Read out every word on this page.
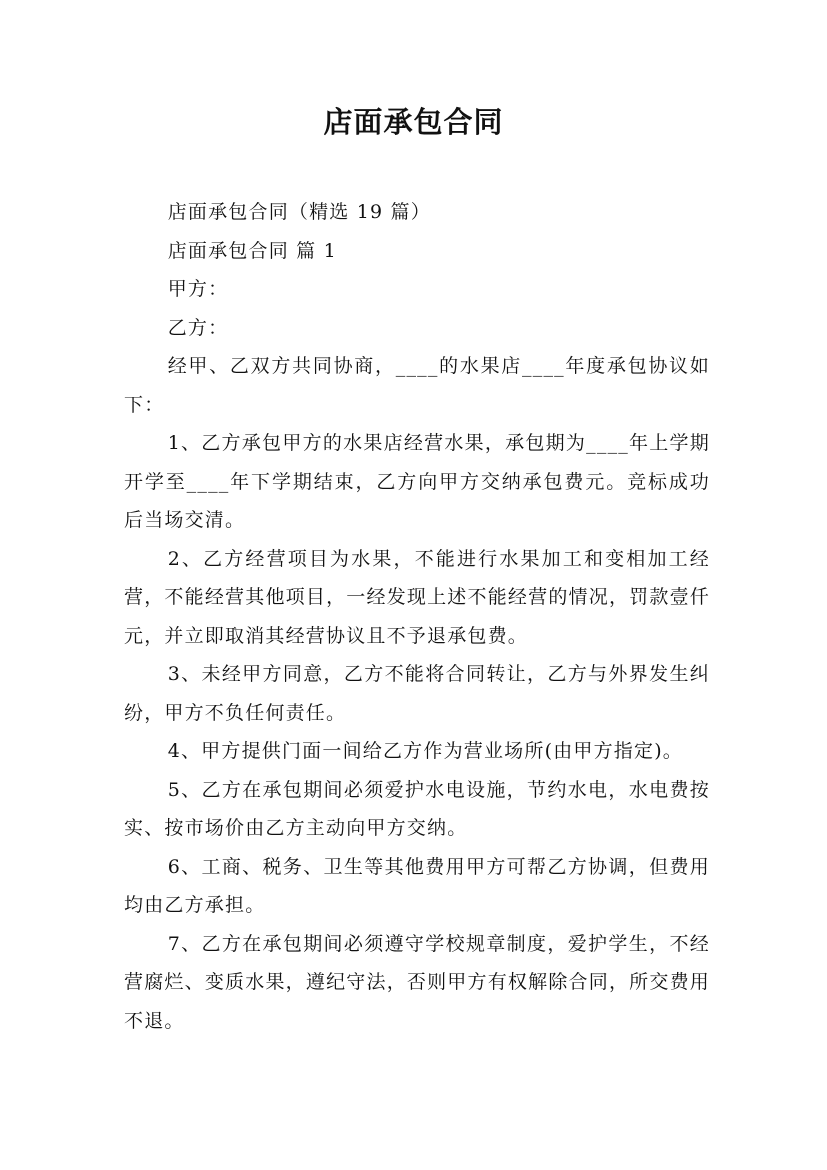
店面承包合同

店面承包合同（精选 19 篇）

店面承包合同 篇 1

甲方：

乙方：

经甲、乙双方共同协商，____的水果店____年度承包协议如下：

1、乙方承包甲方的水果店经营水果，承包期为____年上学期开学至____年下学期结束，乙方向甲方交纳承包费元。竞标成功后当场交清。

2、乙方经营项目为水果，不能进行水果加工和变相加工经营，不能经营其他项目，一经发现上述不能经营的情况，罚款壹仟元，并立即取消其经营协议且不予退承包费。

3、未经甲方同意，乙方不能将合同转让，乙方与外界发生纠纷，甲方不负任何责任。

4、甲方提供门面一间给乙方作为营业场所(由甲方指定)。

5、乙方在承包期间必须爱护水电设施，节约水电，水电费按实、按市场价由乙方主动向甲方交纳。

6、工商、税务、卫生等其他费用甲方可帮乙方协调，但费用均由乙方承担。

7、乙方在承包期间必须遵守学校规章制度，爱护学生，不经营腐烂、变质水果，遵纪守法，否则甲方有权解除合同，所交费用不退。
